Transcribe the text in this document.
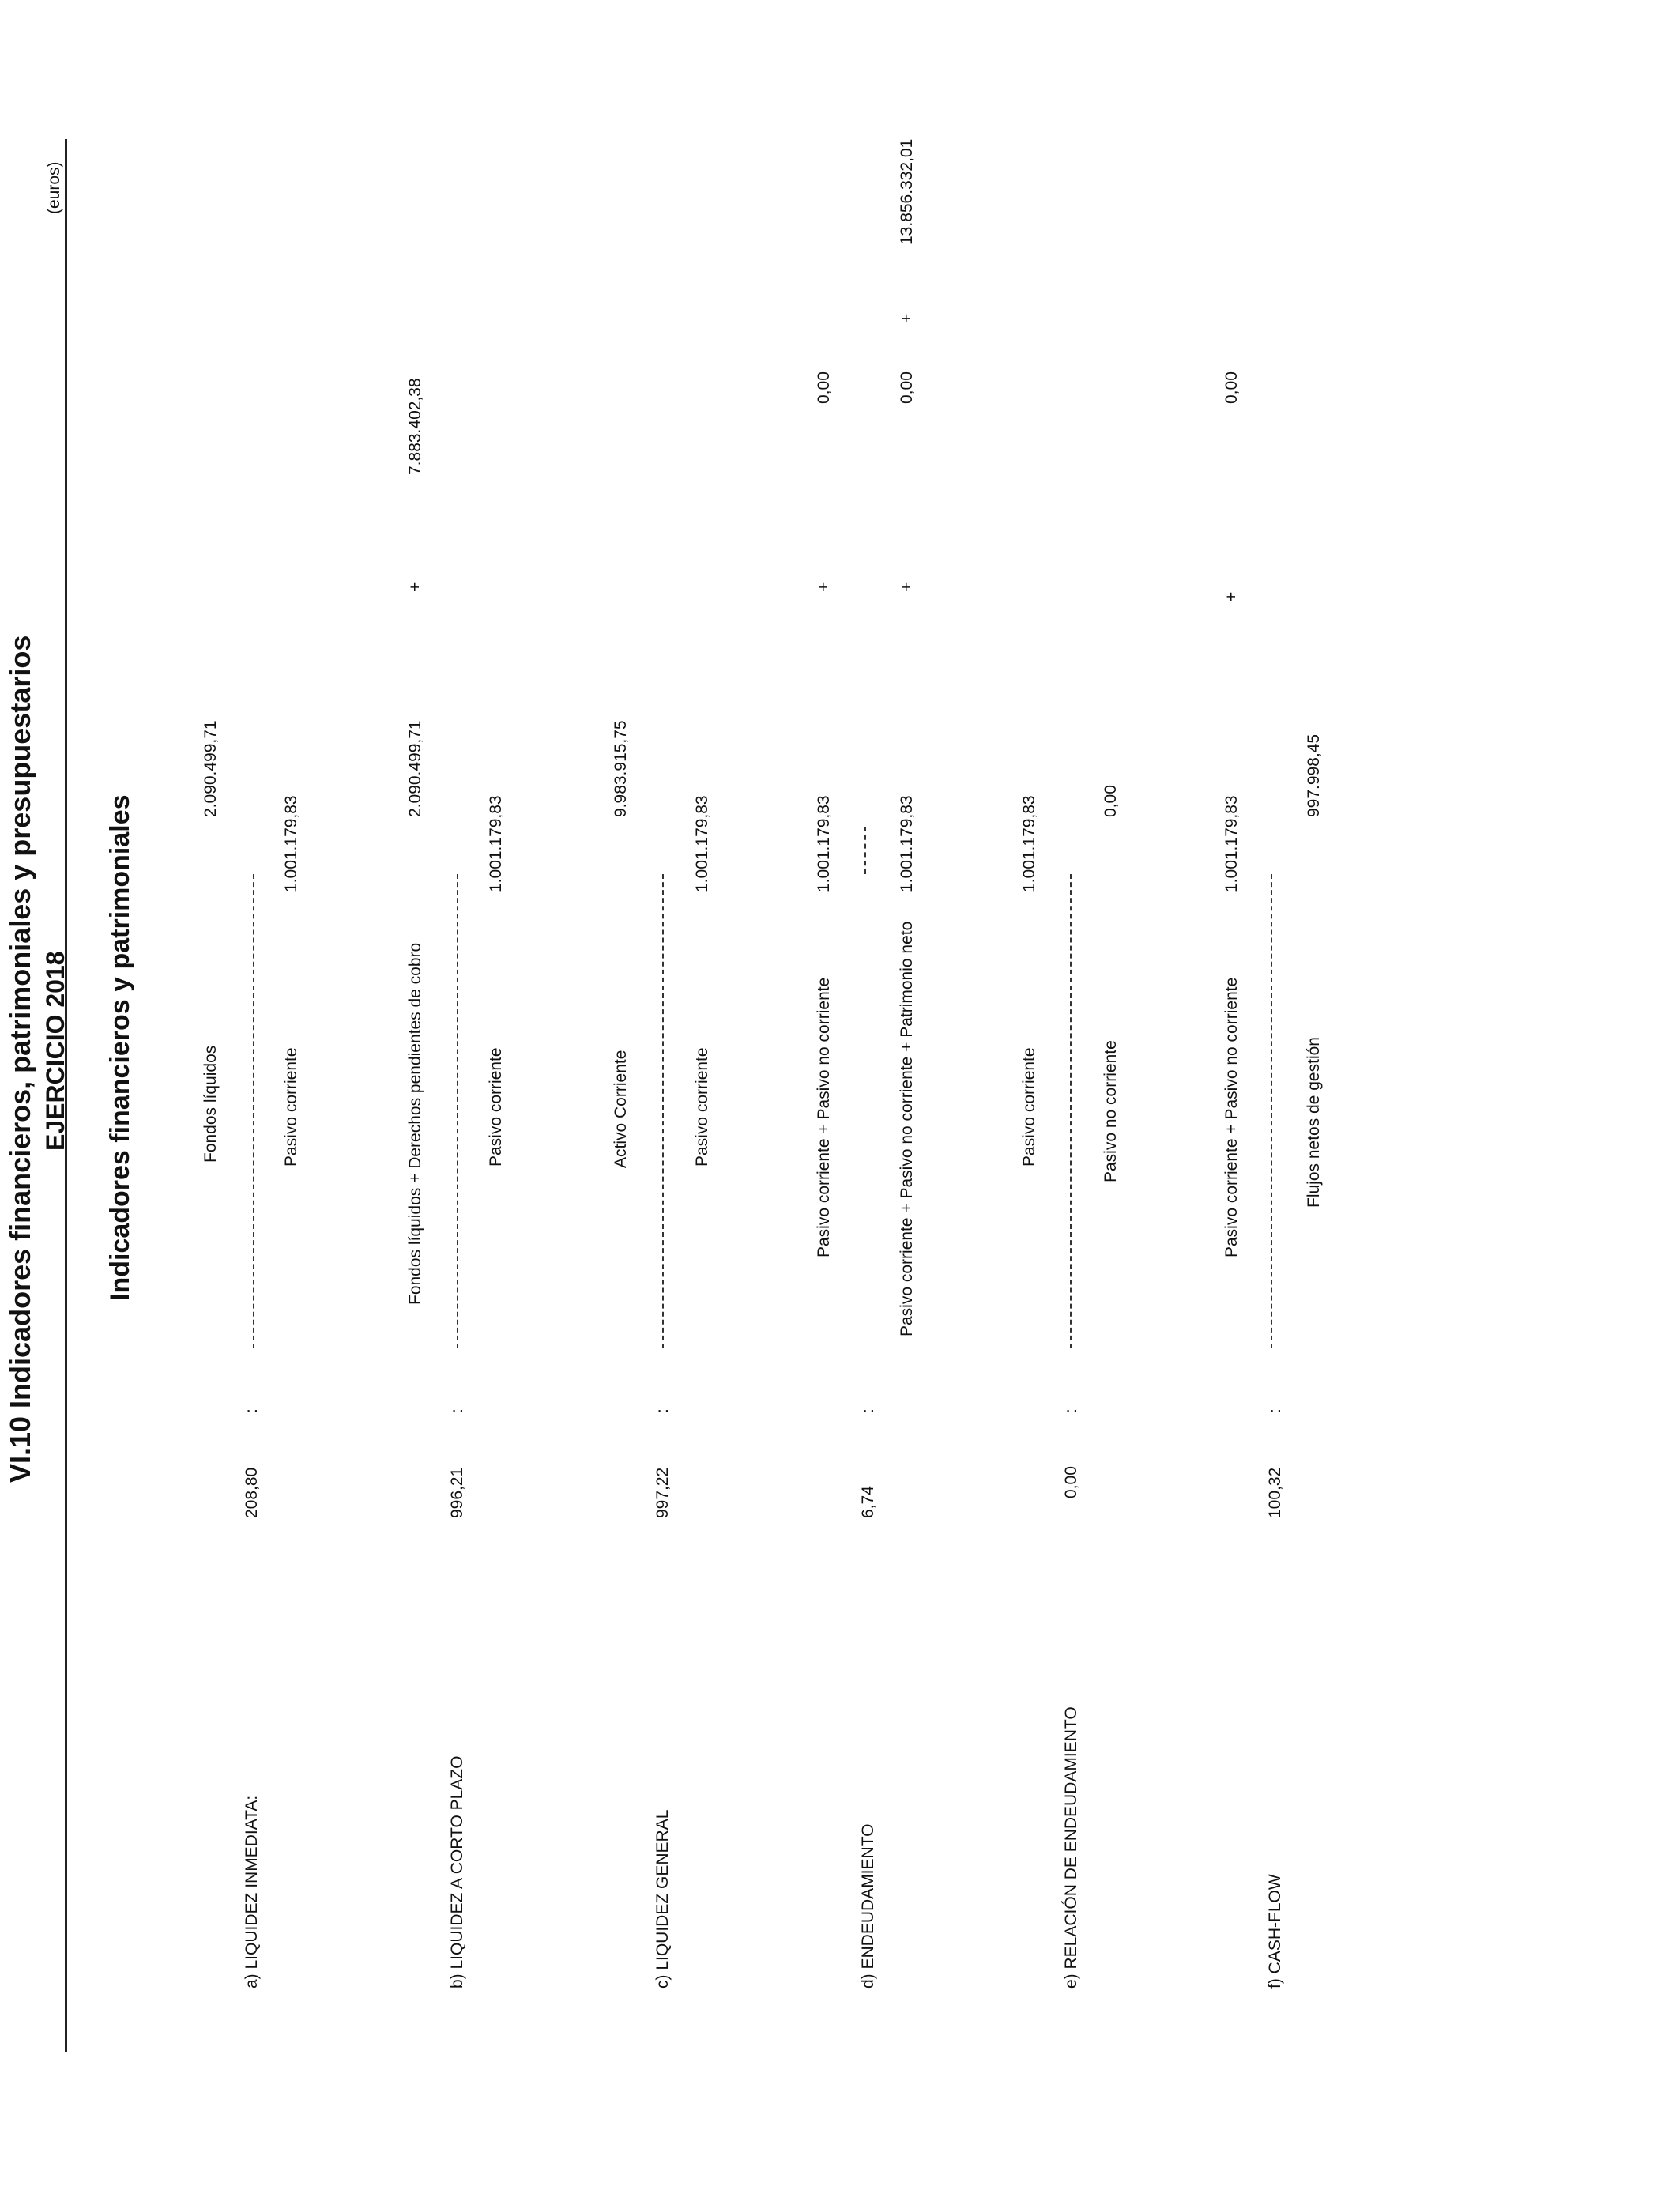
VI.10 Indicadores financieros, patrimoniales y presupuestarios EJERCICIO 2018
(euros)
Indicadores financieros y patrimoniales
a) LIQUIDEZ INMEDIATA:
Fondos líquidos
2.090.499,71
208,80
:
Pasivo corriente
1.001.179,83
b) LIQUIDEZ A CORTO PLAZO
Fondos líquidos + Derechos pendientes de cobro
2.090.499,71
+
7.883.402,38
996,21
:
Pasivo corriente
1.001.179,83
c) LIQUIDEZ GENERAL
Activo Corriente
9.983.915,75
997,22
:
Pasivo corriente
1.001.179,83
d) ENDEUDAMIENTO
Pasivo corriente + Pasivo no corriente
1.001.179,83
+
0,00
6,74
:
Pasivo corriente + Pasivo no corriente + Patrimonio neto
1.001.179,83
+
0,00
+
13.856.332,01
e) RELACIÓN DE ENDEUDAMIENTO
Pasivo corriente
1.001.179,83
0,00
:
Pasivo no corriente
0,00
f) CASH-FLOW
Pasivo corriente + Pasivo no corriente
1.001.179,83
+
0,00
100,32
:
Flujos netos de gestión
997.998,45
